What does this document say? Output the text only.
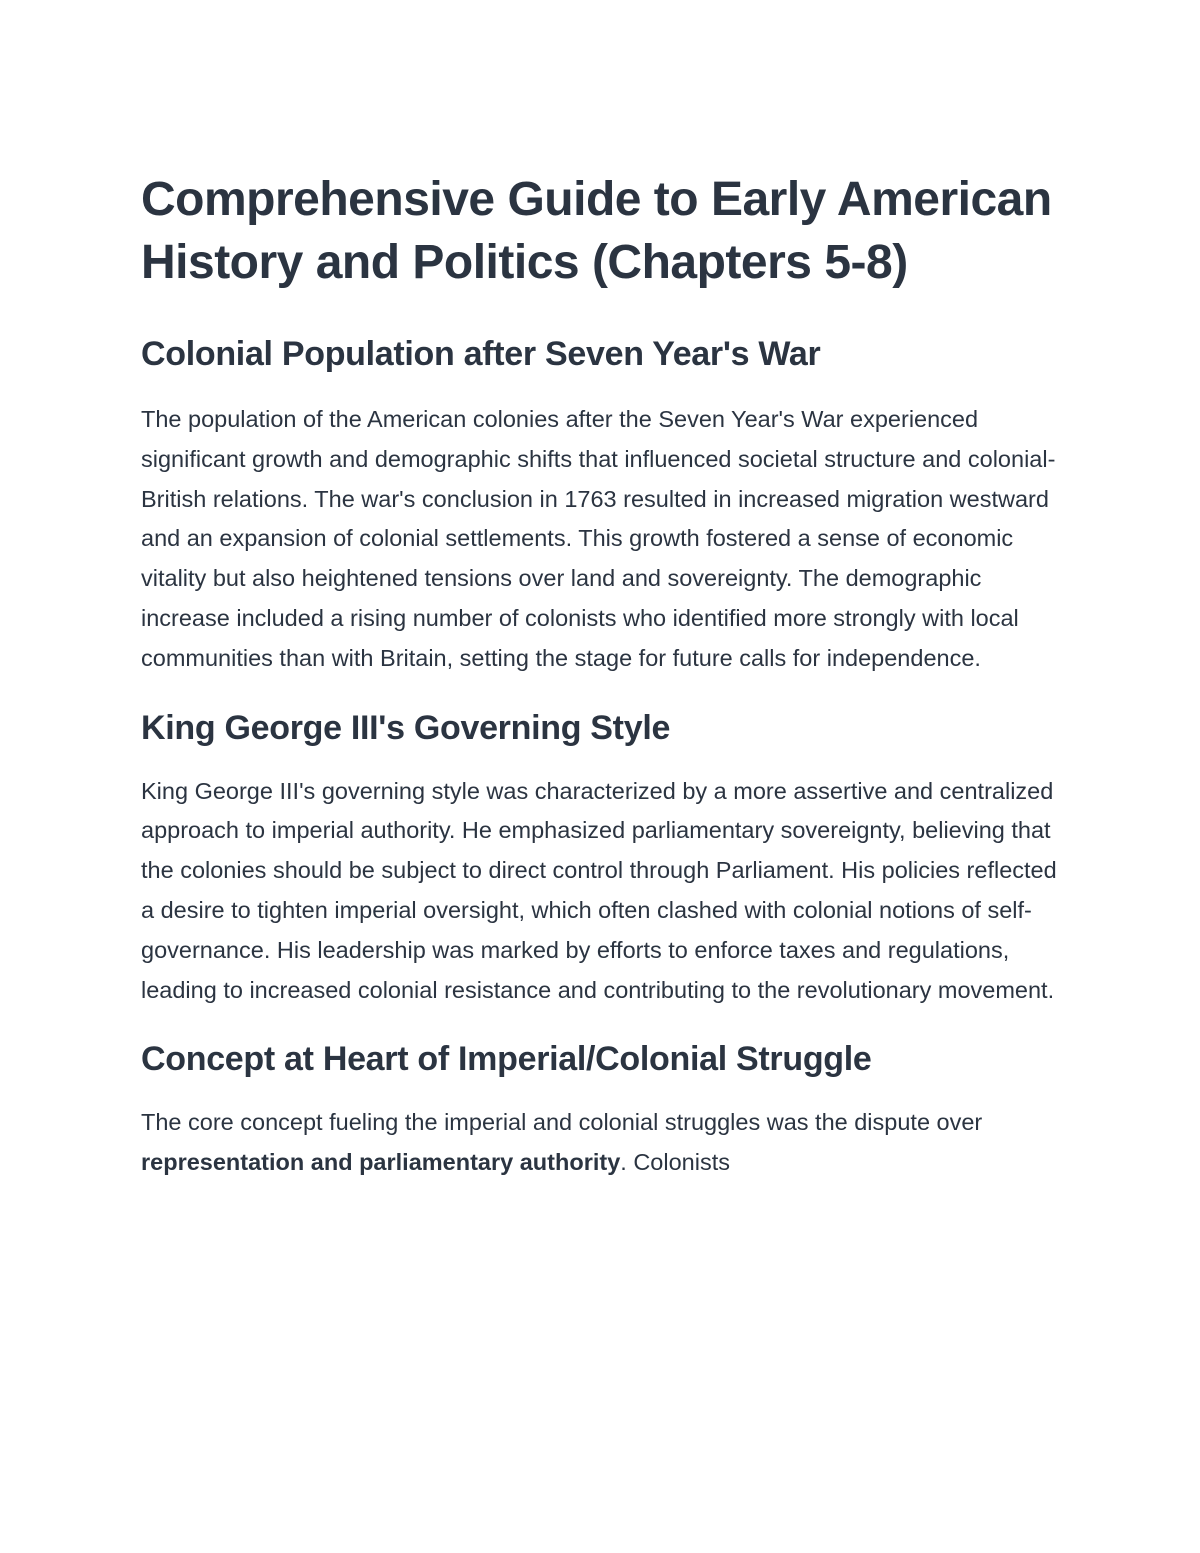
Comprehensive Guide to Early American History and Politics (Chapters 5-8)
Colonial Population after Seven Year's War

The population of the American colonies after the Seven Year's War experienced significant growth and demographic shifts that influenced societal structure and colonial-British relations. The war's conclusion in 1763 resulted in increased migration westward and an expansion of colonial settlements. This growth fostered a sense of economic vitality but also heightened tensions over land and sovereignty. The demographic increase included a rising number of colonists who identified more strongly with local communities than with Britain, setting the stage for future calls for independence.

King George III's Governing Style

King George III's governing style was characterized by a more assertive and centralized approach to imperial authority. He emphasized parliamentary sovereignty, believing that the colonies should be subject to direct control through Parliament. His policies reflected a desire to tighten imperial oversight, which often clashed with colonial notions of self-governance. His leadership was marked by efforts to enforce taxes and regulations, leading to increased colonial resistance and contributing to the revolutionary movement.

Concept at Heart of Imperial/Colonial Struggle

The core concept fueling the imperial and colonial struggles was the dispute over representation and parliamentary authority. Colonists
